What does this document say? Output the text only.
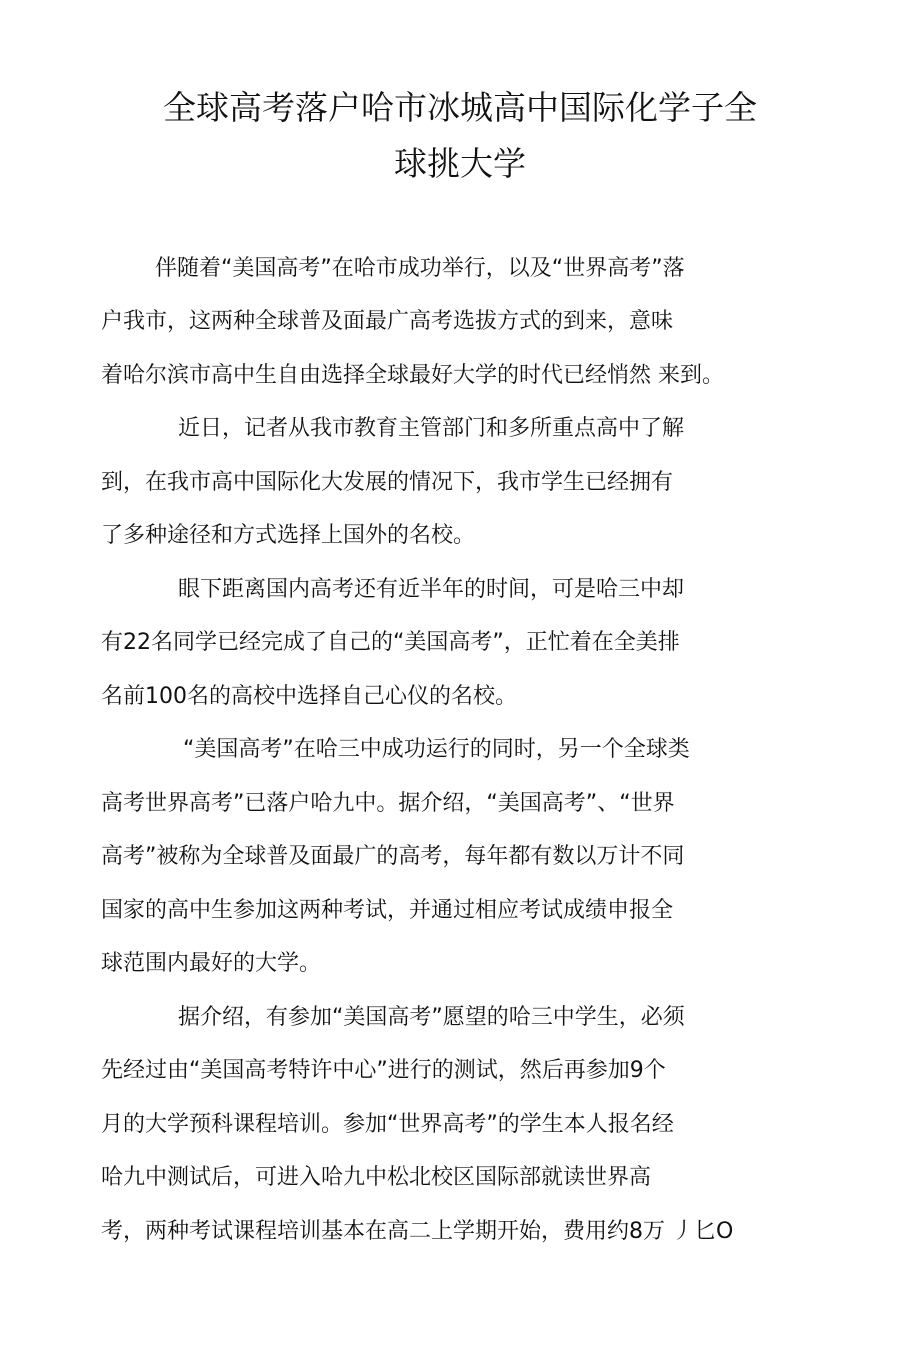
全球高考落户哈市冰城高中国际化学子全
球挑大学
伴随着“美国高考”在哈市成功举行，以及“世界高考”落
户我市，这两种全球普及面最广高考选拔方式的到来，意味
着哈尔滨市高中生自由选择全球最好大学的时代已经悄然 来到。
近日，记者从我市教育主管部门和多所重点高中了解
到，在我市高中国际化大发展的情况下，我市学生已经拥有
了多种途径和方式选择上国外的名校。
眼下距离国内高考还有近半年的时间，可是哈三中却
有22名同学已经完成了自己的“美国高考”，正忙着在全美排
名前100名的高校中选择自己心仪的名校。
“美国高考”在哈三中成功运行的同时，另一个全球类
高考世界高考”已落户哈九中。据介绍，“美国高考”、“世界
高考”被称为全球普及面最广的高考，每年都有数以万计不同
国家的高中生参加这两种考试，并通过相应考试成绩申报全
球范围内最好的大学。
据介绍，有参加“美国高考”愿望的哈三中学生，必须
先经过由“美国高考特许中心”进行的测试，然后再参加9个
月的大学预科课程培训。参加“世界高考”的学生本人报名经
哈九中测试后，可进入哈九中松北校区国际部就读世界高
考，两种考试课程培训基本在高二上学期开始，费用约8万 丿匕O
